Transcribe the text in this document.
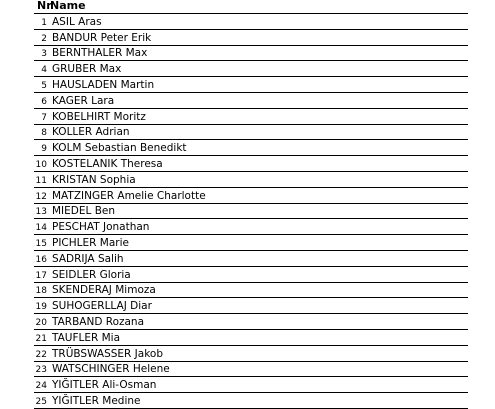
Nr
Name
1 ASIL Aras
2 BANDUR Peter Erik
3 BERNTHALER Max
4 GRUBER Max
5 HAUSLADEN Martin
6 KAGER Lara
7 KOBELHIRT Moritz
8 KOLLER Adrian
9 KOLM Sebastian Benedikt
10 KOSTELANIK Theresa
11 KRISTAN Sophia
12 MATZINGER Amelie Charlotte
13 MIEDEL Ben
14 PESCHAT Jonathan
15 PICHLER Marie
16 SADRIJA Salih
17 SEIDLER Gloria
18 SKENDERAJ Mimoza
19 SUHOGERLLAJ Diar
20 TARBAND Rozana
21 TAUFLER Mia
22 TRÜBSWASSER Jakob
23 WATSCHINGER Helene
24 YIĞITLER Ali-Osman
25 YIĞITLER Medine
